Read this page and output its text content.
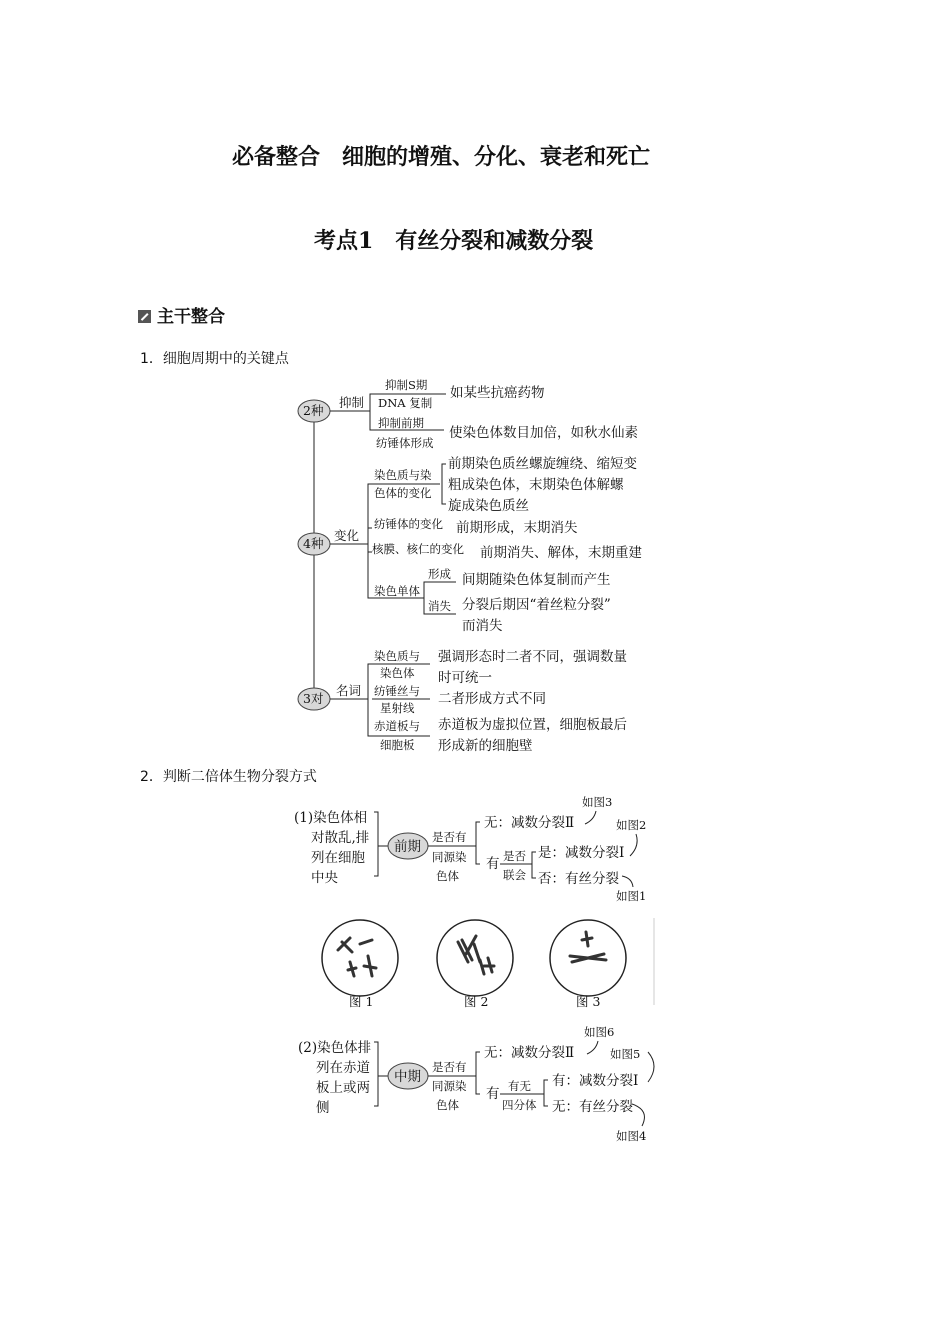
必备整合　细胞的增殖、分化、衰老和死亡
考点1　有丝分裂和减数分裂
主干整合
1．细胞周期中的关键点
2种
抑制
抑制S期
DNA 复制
如某些抗癌药物
抑制前期
纺锤体形成
使染色体数目加倍，如秋水仙素
4种
变化
染色质与染
色体的变化
前期染色质丝螺旋缠绕、缩短变
粗成染色体，末期染色体解螺
旋成染色质丝
纺锤体的变化 前期形成，末期消失
核膜、核仁的变化 前期消失、解体，末期重建
染色单体
形成 间期随染色体复制而产生
消失 分裂后期因“着丝粒分裂”
而消失
3对
名词
染色质与
染色体
强调形态时二者不同，强调数量
时可统一
纺锤丝与
星射线
二者形成方式不同
赤道板与
细胞板
赤道板为虚拟位置，细胞板最后
形成新的细胞壁
2．判断二倍体生物分裂方式
(1)染色体相
对散乱,排
列在细胞
中央
前期
是否有
同源染
色体
无：减数分裂Ⅱ
有 是否
联会
是：减数分裂Ⅰ
否：有丝分裂
如图3
如图2
如图1
图 1	图 2	图 3
(2)染色体排
列在赤道
板上或两
侧
中期
是否有
同源染
色体
无：减数分裂Ⅱ
有 有无
四分体
有：减数分裂Ⅰ
无：有丝分裂
如图6
如图5
如图4
